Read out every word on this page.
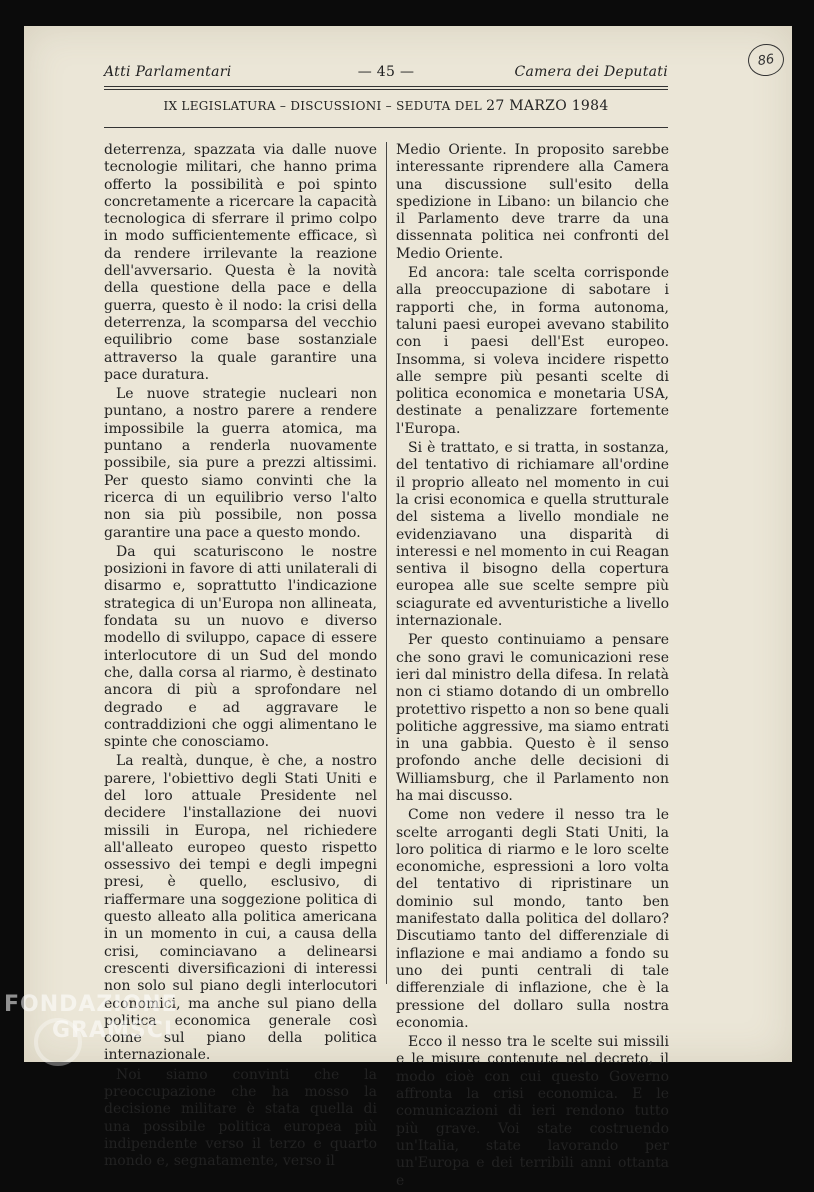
Atti Parlamentari	— 45 —	Camera dei Deputati
IX LEGISLATURA – DISCUSSIONI – SEDUTA DEL 27 MARZO 1984
86

deterrenza, spazzata via dalle nuove tecnologie militari, che hanno prima offerto la possibilità e poi spinto concretamente a ricercare la capacità tecnologica di sferrare il primo colpo in modo sufficientemente efficace, sì da rendere irrilevante la reazione dell'avversario. Questa è la novità della questione della pace e della guerra, questo è il nodo: la crisi della deterrenza, la scomparsa del vecchio equilibrio come base sostanziale attraverso la quale garantire una pace duratura.

Le nuove strategie nucleari non puntano, a nostro parere a rendere impossibile la guerra atomica, ma puntano a renderla nuovamente possibile, sia pure a prezzi altissimi. Per questo siamo convinti che la ricerca di un equilibrio verso l'alto non sia più possibile, non possa garantire una pace a questo mondo.

Da qui scaturiscono le nostre posizioni in favore di atti unilaterali di disarmo e, soprattutto l'indicazione strategica di un'Europa non allineata, fondata su un nuovo e diverso modello di sviluppo, capace di essere interlocutore di un Sud del mondo che, dalla corsa al riarmo, è destinato ancora di più a sprofondare nel degrado e ad aggravare le contraddizioni che oggi alimentano le spinte che conosciamo.

La realtà, dunque, è che, a nostro parere, l'obiettivo degli Stati Uniti e del loro attuale Presidente nel decidere l'installazione dei nuovi missili in Europa, nel richiedere all'alleato europeo questo rispetto ossessivo dei tempi e degli impegni presi, è quello, esclusivo, di riaffermare una soggezione politica di questo alleato alla politica americana in un momento in cui, a causa della crisi, cominciavano a delinearsi crescenti diversificazioni di interessi non solo sul piano degli interlocutori economici, ma anche sul piano della politica economica generale così come sul piano della politica internazionale.

Noi siamo convinti che la preoccupazione che ha mosso la decisione militare è stata quella di una possibile politica europea più indipendente verso il terzo e quarto mondo e, segnatamente, verso il

Medio Oriente. In proposito sarebbe interessante riprendere alla Camera una discussione sull'esito della spedizione in Libano: un bilancio che il Parlamento deve trarre da una dissennata politica nei confronti del Medio Oriente.

Ed ancora: tale scelta corrisponde alla preoccupazione di sabotare i rapporti che, in forma autonoma, taluni paesi europei avevano stabilito con i paesi dell'Est europeo. Insomma, si voleva incidere rispetto alle sempre più pesanti scelte di politica economica e monetaria USA, destinate a penalizzare fortemente l'Europa.

Si è trattato, e si tratta, in sostanza, del tentativo di richiamare all'ordine il proprio alleato nel momento in cui la crisi economica e quella strutturale del sistema a livello mondiale ne evidenziavano una disparità di interessi e nel momento in cui Reagan sentiva il bisogno della copertura europea alle sue scelte sempre più sciagurate ed avventuristiche a livello internazionale.

Per questo continuiamo a pensare che sono gravi le comunicazioni rese ieri dal ministro della difesa. In relatà non ci stiamo dotando di un ombrello protettivo rispetto a non so bene quali politiche aggressive, ma siamo entrati in una gabbia. Questo è il senso profondo anche delle decisioni di Williamsburg, che il Parlamento non ha mai discusso.

Come non vedere il nesso tra le scelte arroganti degli Stati Uniti, la loro politica di riarmo e le loro scelte economiche, espressioni a loro volta del tentativo di ripristinare un dominio sul mondo, tanto ben manifestato dalla politica del dollaro? Discutiamo tanto del differenziale di inflazione e mai andiamo a fondo su uno dei punti centrali di tale differenziale di inflazione, che è la pressione del dollaro sulla nostra economia.

Ecco il nesso tra le scelte sui missili e le misure contenute nel decreto, il modo cioè con cui questo Governo affronta la crisi economica. E le comunicazioni di ieri rendono tutto più grave. Voi state costruendo un'Italia, state lavorando per un'Europa e dei terribili anni ottanta e

FONDAZIONE
GRAMSCI
